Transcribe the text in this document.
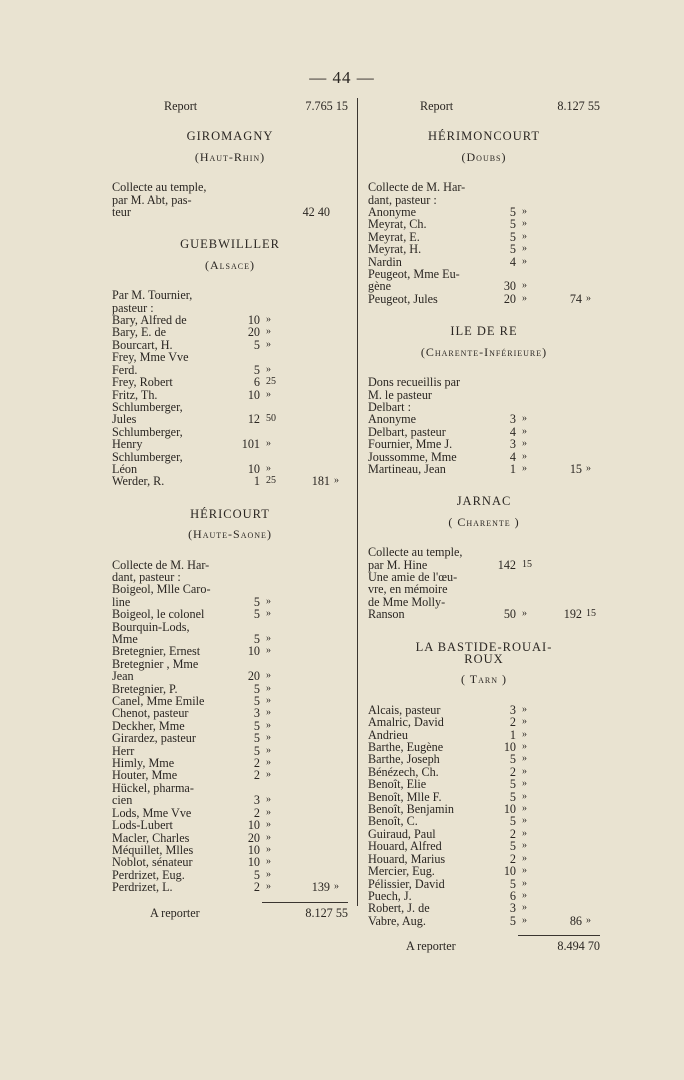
— 44 —
Report	7.765 15
GIROMAGNY
(Haut-Rhin)
Collecte au temple,
par M. Abt, pas-
teur	42 40
GUEBWILLLER
(Alsace)
Par M. Tournier,
pasteur :
Bary, Alfred de	10 »
Bary, E. de	20 »
Bourcart, H.	5 »
Frey, Mme Vve
Ferd.	5 »
Frey, Robert	6 25
Fritz, Th.	10 »
Schlumberger,
Jules	12 50
Schlumberger,
Henry	101 »
Schlumberger,
Léon	10 »
Werder, R.	1 25	181 »
HÉRICOURT
(Haute-Saone)
Collecte de M. Har-
dant, pasteur :
Boigeol, Mlle Caro-
line	5 »
Boigeol, le colonel	5 »
Bourquin-Lods,
Mme	5 »
Bretegnier, Ernest	10 »
Bretegnier , Mme
Jean	20 »
Bretegnier, P.	5 »
Canel, Mme Emile	5 »
Chenot, pasteur	3 »
Deckher, Mme	5 »
Girardez, pasteur	5 »
Herr	5 »
Himly, Mme	2 »
Houter, Mme	2 »
Hückel, pharma-
cien	3 »
Lods, Mme Vve	2 »
Lods-Lubert	10 »
Macler, Charles	20 »
Méquillet, Mlles	10 »
Noblot, sénateur	10 »
Perdrizet, Eug.	5 »
Perdrizet, L.	2 »	139 »
A reporter	8.127 55
Report	8.127 55
HÉRIMONCOURT
(Doubs)
Collecte de M. Har-
dant, pasteur :
Anonyme	5 »
Meyrat, Ch.	5 »
Meyrat, E.	5 »
Meyrat, H.	5 »
Nardin	4 »
Peugeot, Mme Eu-
gène	30 »
Peugeot, Jules	20 »	74 »
ILE DE RE
(Charente-Inférieure)
Dons recueillis par
M. le pasteur
Delbart :
Anonyme	3 »
Delbart, pasteur	4 »
Fournier, Mme J.	3 »
Joussomme, Mme	4 »
Martineau, Jean	1 »	15 »
JARNAC
( Charente )
Collecte au temple,
par M. Hine	142 15
Une amie de l'œu-
vre, en mémoire
de Mme Molly-
Ranson	50 »	192 15
LA BASTIDE-ROUAI-
ROUX
( Tarn )
Alcais, pasteur	3 »
Amalric, David	2 »
Andrieu	1 »
Barthe, Eugène	10 »
Barthe, Joseph	5 »
Bénézech, Ch.	2 »
Benoît, Elie	5 »
Benoît, Mlle F.	5 »
Benoît, Benjamin	10 »
Benoît, C.	5 »
Guiraud, Paul	2 »
Houard, Alfred	5 »
Houard, Marius	2 »
Mercier, Eug.	10 »
Pélissier, David	5 »
Puech, J.	6 »
Robert, J. de	3 »
Vabre, Aug.	5 »	86 »
A reporter	8.494 70
